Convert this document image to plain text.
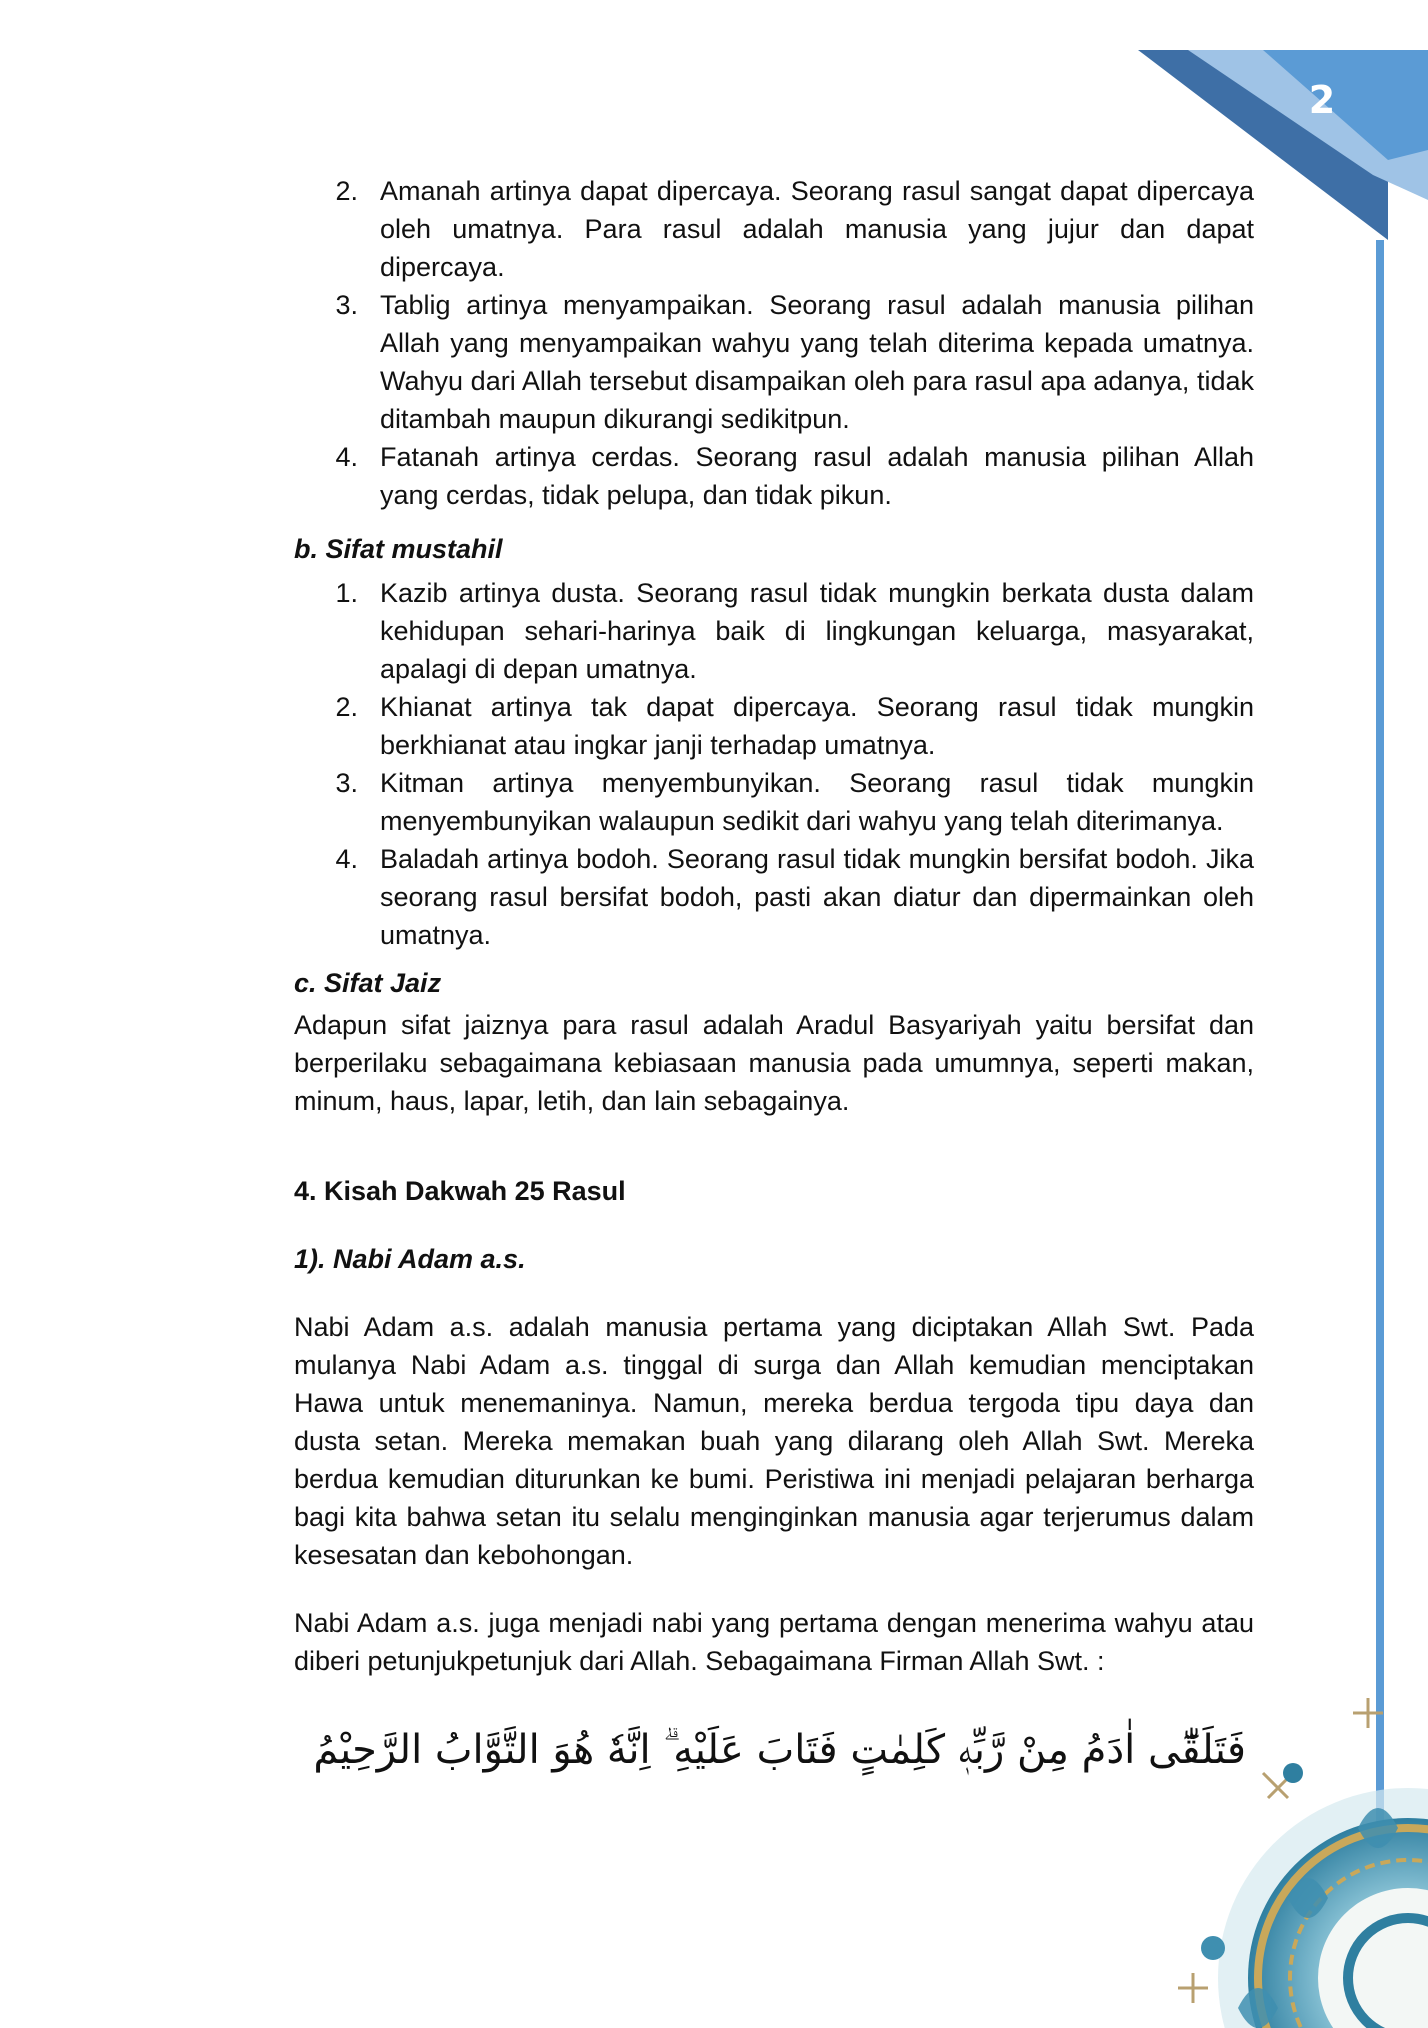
2
2. Amanah artinya dapat dipercaya. Seorang rasul sangat dapat dipercaya oleh umatnya. Para rasul adalah manusia yang jujur dan dapat dipercaya.

3. Tablig artinya menyampaikan. Seorang rasul adalah manusia pilihan Allah yang menyampaikan wahyu yang telah diterima kepada umatnya. Wahyu dari Allah tersebut disampaikan oleh para rasul apa adanya, tidak ditambah maupun dikurangi sedikitpun.

4. Fatanah artinya cerdas. Seorang rasul adalah manusia pilihan Allah yang cerdas, tidak pelupa, dan tidak pikun.

b. Sifat mustahil

1. Kazib artinya dusta. Seorang rasul tidak mungkin berkata dusta dalam kehidupan sehari-harinya baik di lingkungan keluarga, masyarakat, apalagi di depan umatnya.

2. Khianat artinya tak dapat dipercaya. Seorang rasul tidak mungkin berkhianat atau ingkar janji terhadap umatnya.

3. Kitman artinya menyembunyikan. Seorang rasul tidak mungkin menyembunyikan walaupun sedikit dari wahyu yang telah diterimanya.

4. Baladah artinya bodoh. Seorang rasul tidak mungkin bersifat bodoh. Jika seorang rasul bersifat bodoh, pasti akan diatur dan dipermainkan oleh umatnya.

c. Sifat Jaiz

Adapun sifat jaiznya para rasul adalah Aradul Basyariyah yaitu bersifat dan berperilaku sebagaimana kebiasaan manusia pada umumnya, seperti makan, minum, haus, lapar, letih, dan lain sebagainya.

4. Kisah Dakwah 25 Rasul

1). Nabi Adam a.s.

Nabi Adam a.s. adalah manusia pertama yang diciptakan Allah Swt. Pada mulanya Nabi Adam a.s. tinggal di surga dan Allah kemudian menciptakan Hawa untuk menemaninya. Namun, mereka berdua tergoda tipu daya dan dusta setan. Mereka memakan buah yang dilarang oleh Allah Swt. Mereka berdua kemudian diturunkan ke bumi. Peristiwa ini menjadi pelajaran berharga bagi kita bahwa setan itu selalu menginginkan manusia agar terjerumus dalam kesesatan dan kebohongan.

Nabi Adam a.s. juga menjadi nabi yang pertama dengan menerima wahyu atau diberi petunjukpetunjuk dari Allah. Sebagaimana Firman Allah Swt. :

فَتَلَقّٰٓى اٰدَمُ مِنْ رَّبِّهٖ كَلِمٰتٍ فَتَابَ عَلَيْهِ ۗ اِنَّهٗ هُوَ التَّوَّابُ الرَّحِيْمُ
